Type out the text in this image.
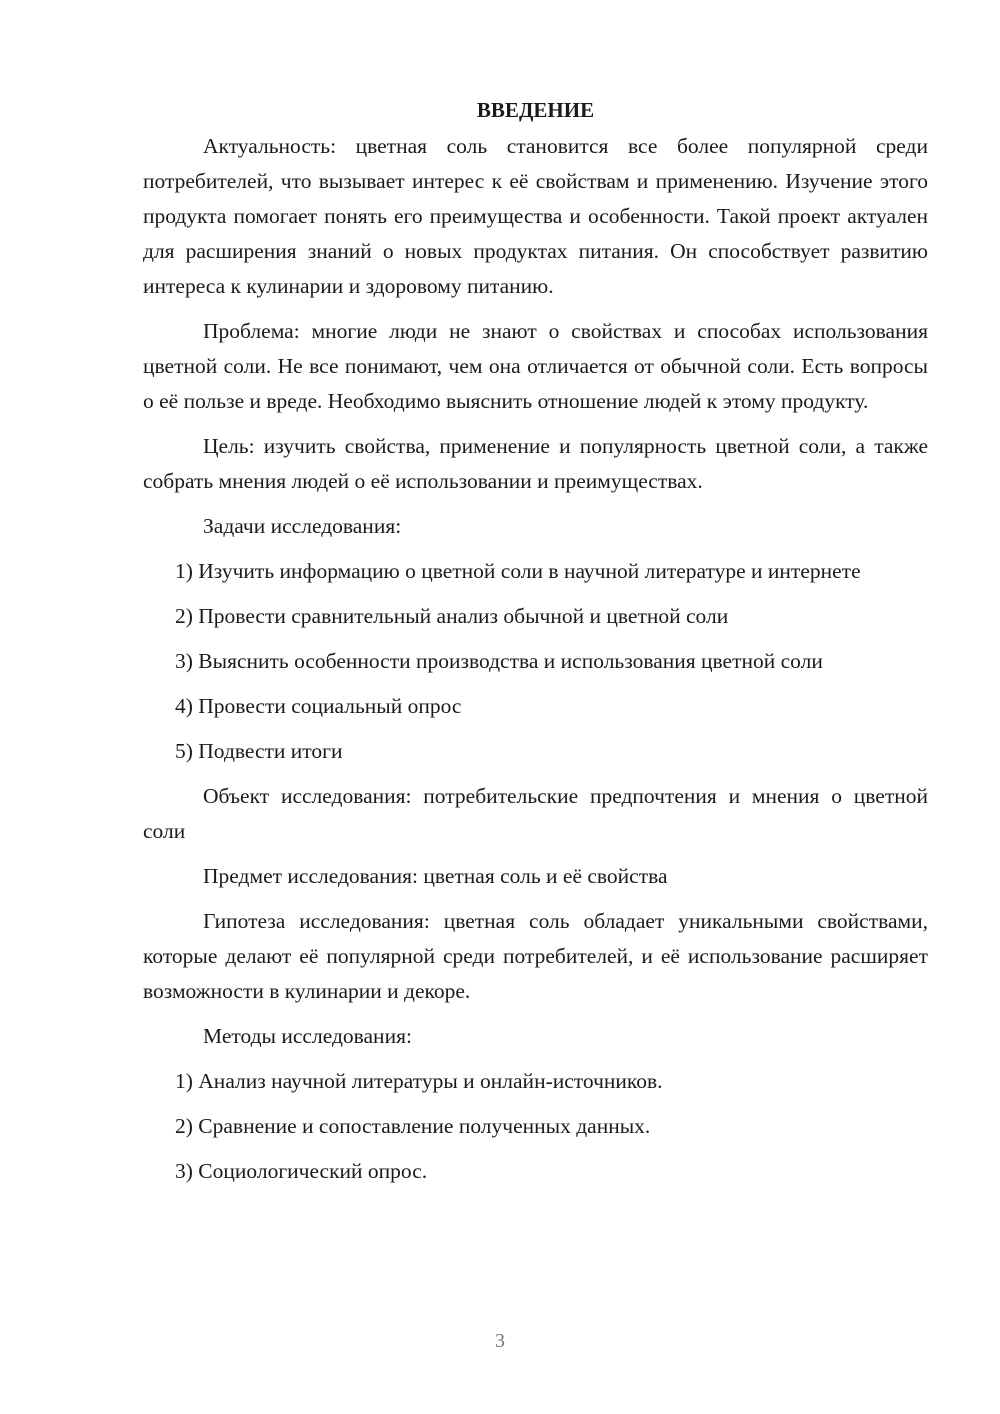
ВВЕДЕНИЕ

Актуальность: цветная соль становится все более популярной среди потребителей, что вызывает интерес к её свойствам и применению. Изучение этого продукта помогает понять его преимущества и особенности. Такой проект актуален для расширения знаний о новых продуктах питания. Он способствует развитию интереса к кулинарии и здоровому питанию.

Проблема: многие люди не знают о свойствах и способах использования цветной соли. Не все понимают, чем она отличается от обычной соли. Есть вопросы о её пользе и вреде. Необходимо выяснить отношение людей к этому продукту.

Цель: изучить свойства, применение и популярность цветной соли, а также собрать мнения людей о её использовании и преимуществах.

Задачи исследования:

1) Изучить информацию о цветной соли в научной литературе и интернете

2) Провести сравнительный анализ обычной и цветной соли

3) Выяснить особенности производства и использования цветной соли

4) Провести социальный опрос

5) Подвести итоги

Объект исследования: потребительские предпочтения и мнения о цветной соли

Предмет исследования: цветная соль и её свойства

Гипотеза исследования: цветная соль обладает уникальными свойствами, которые делают её популярной среди потребителей, и её использование расширяет возможности в кулинарии и декоре.

Методы исследования:

1) Анализ научной литературы и онлайн-источников.

2) Сравнение и сопоставление полученных данных.

3) Социологический опрос.

3
